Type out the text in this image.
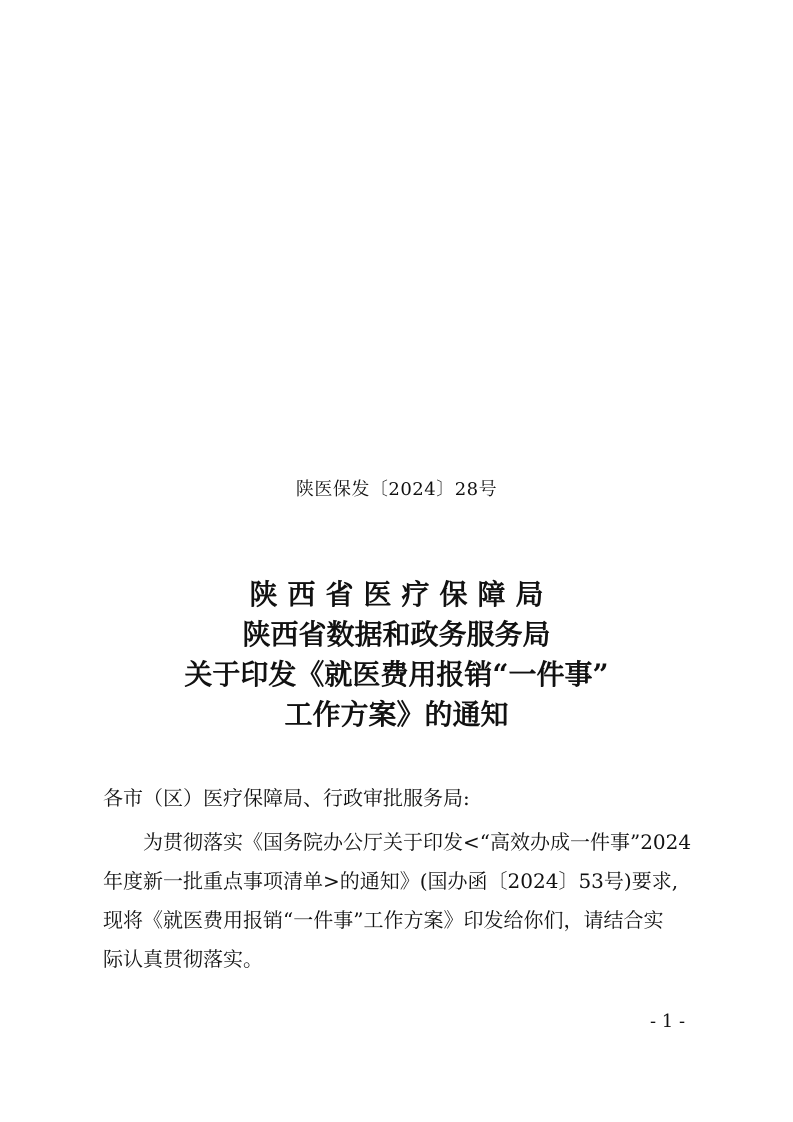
陕医保发〔2024〕28号
陕西省医疗保障局
陕西省数据和政务服务局
关于印发《就医费用报销“一件事”
工作方案》的通知
各市（区）医疗保障局、行政审批服务局:
为贯彻落实《国务院办公厅关于印发<“高效办成一件事”2024
年度新一批重点事项清单>的通知》(国办函〔2024〕53号)要求,
现将《就医费用报销“一件事”工作方案》印发给你们，请结合实
际认真贯彻落实。
- 1 -
